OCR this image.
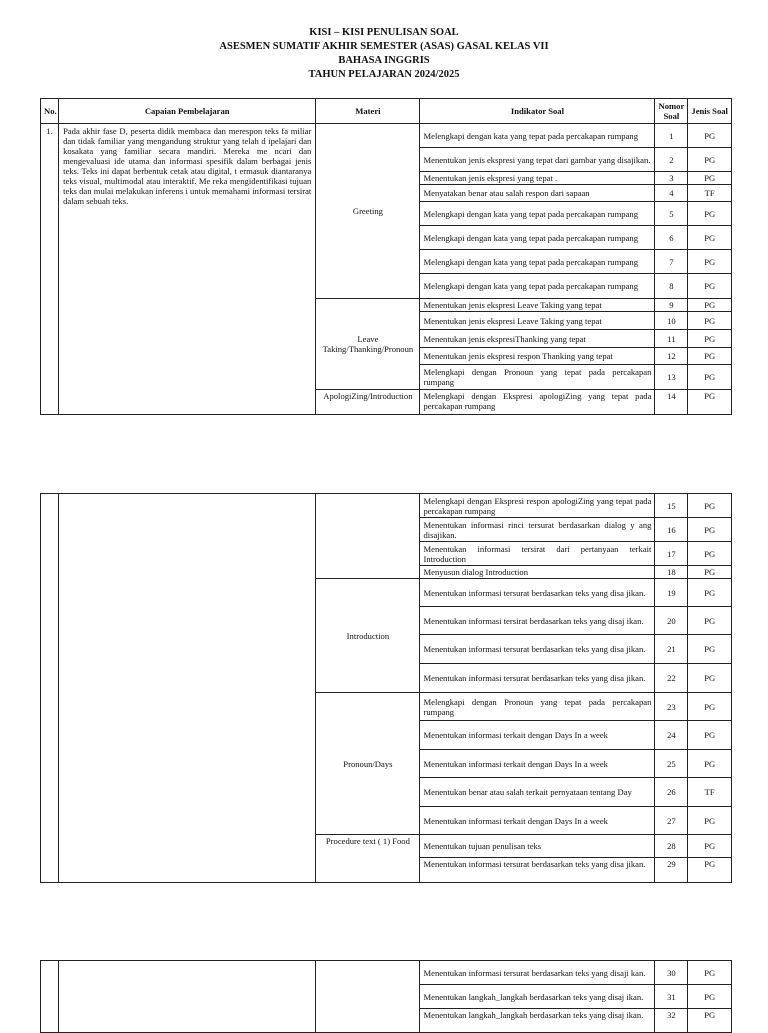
KISI – KISI PENULISAN SOAL
ASESMEN SUMATIF AKHIR SEMESTER (ASAS) GASAL KELAS VII
BAHASA INGGRIS
TAHUN PELAJARAN 2024/2025
No.	Capaian Pembelajaran	Materi	Indikator Soal	Nomor Soal	Jenis Soal
1.	Pada akhir fase D, peserta didik membaca dan merespon teks fa miliar dan tidak familiar yang mengandung struktur yang telah d ipelajari dan kosakata yang familiar secara mandiri. Mereka me ncari dan mengevaluasi ide utama dan informasi spesifik dalam berbagai jenis teks. Teks ini dapat berbentuk cetak atau digital, t ermasuk diantaranya teks visual, multimodal atau interaktif. Me reka mengidentifikasi tujuan teks dan mulai melakukan inferens i untuk memahami informasi tersirat dalam sebuah teks.	Greeting	Melengkapi dengan kata yang tepat pada percakapan rumpang	1	PG
			Menentukan jenis ekspresi yang tepat dari gambar yang disajikan.	2	PG
			Menentukan jenis ekspresi yang tepat .	3	PG
			Menyatakan benar atau salah respon dari sapaan	4	TF
			Melengkapi dengan kata yang tepat pada percakapan rumpang	5	PG
			Melengkapi dengan kata yang tepat pada percakapan rumpang	6	PG
			Melengkapi dengan kata yang tepat pada percakapan rumpang	7	PG
			Melengkapi dengan kata yang tepat pada percakapan rumpang	8	PG
		Leave Taking/Thanking/Pronoun	Menentukan jenis ekspresi Leave Taking yang tepat	9	PG
			Menentukan jenis ekspresi Leave Taking yang tepat	10	PG
			Menentukan jenis ekspresiThanking yang tepat	11	PG
			Menentukan jenis ekspresi respon Thanking yang tepat	12	PG
			Melengkapi dengan Pronoun yang tepat pada percakapan rumpang	13	PG
		ApologiZing/Introduction	Melengkapi dengan Ekspresi apologiZing yang tepat pada percakapan rumpang	14	PG
			Melengkapi dengan Ekspresi respon apologiZing yang tepat pada percakapan rumpang	15	PG
			Menentukan informasi rinci tersurat berdasarkan dialog y ang disajikan.	16	PG
			Menentukan informasi tersirat dari pertanyaan terkait Introduction	17	PG
			Menyusun dialog Introduction	18	PG
		Introduction	Menentukan informasi tersurat berdasarkan teks yang disa jikan.	19	PG
			Menentukan informasi tersirat berdasarkan teks yang disaj ikan.	20	PG
			Menentukan informasi tersurat berdasarkan teks yang disa jikan.	21	PG
			Menentukan informasi tersurat berdasarkan teks yang disa jikan.	22	PG
		Pronoun/Days	Melengkapi dengan Pronoun yang tepat pada percakapan rumpang	23	PG
			Menentukan informasi terkait dengan Days In a week	24	PG
			Menentukan informasi terkait dengan Days In a week	25	PG
			Menentukan benar atau salah terkait pernyataan tentang Day	26	TF
			Menentukan informasi terkait dengan Days In a week	27	PG
		Procedure text ( 1) Food	Menentukan tujuan penulisan teks	28	PG
			Menentukan informasi tersurat berdasarkan teks yang disa jikan.	29	PG
			Menentukan informasi tersurat berdasarkan teks yang disaji kan.	30	PG
			Menentukan langkah_langkah berdasarkan teks yang disaj ikan.	31	PG
			Menentukan langkah_langkah berdasarkan teks yang disaj ikan.	32	PG
